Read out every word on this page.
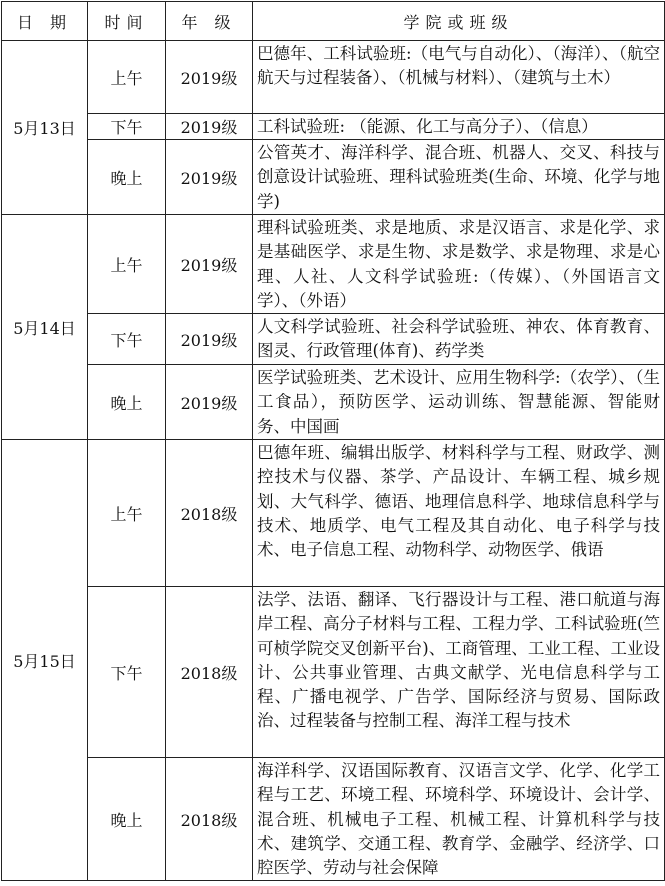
日 期	时间	年 级	学院或班级
5月13日	上午	2019级	巴德年、工科试验班:（电气与自动化）、（海洋）、（航空航天与过程装备）、（机械与材料）、（建筑与土木）
	下午	2019级	工科试验班: （能源、化工与高分子）、（信息）
	晚上	2019级	公管英才、海洋科学、混合班、机器人、交叉、科技与创意设计试验班、理科试验班类(生命、环境、化学与地学)
5月14日	上午	2019级	理科试验班类、求是地质、求是汉语言、求是化学、求是基础医学、求是生物、求是数学、求是物理、求是心理、人社、人文科学试验班:（传媒）、（外国语言文学）、（外语）
	下午	2019级	人文科学试验班、社会科学试验班、神农、体育教育、图灵、行政管理(体育)、药学类
	晚上	2019级	医学试验班类、艺术设计、应用生物科学:（农学）、（生工食品），预防医学、运动训练、智慧能源、智能财务、中国画
5月15日	上午	2018级	巴德年班、编辑出版学、材料科学与工程、财政学、测控技术与仪器、茶学、产品设计、车辆工程、城乡规划、大气科学、德语、地理信息科学、地球信息科学与技术、地质学、电气工程及其自动化、电子科学与技术、电子信息工程、动物科学、动物医学、俄语
	下午	2018级	法学、法语、翻译、飞行器设计与工程、港口航道与海岸工程、高分子材料与工程、工程力学、工科试验班(竺可桢学院交叉创新平台)、工商管理、工业工程、工业设计、公共事业管理、古典文献学、光电信息科学与工程、广播电视学、广告学、国际经济与贸易、国际政治、过程装备与控制工程、海洋工程与技术
	晚上	2018级	海洋科学、汉语国际教育、汉语言文学、化学、化学工程与工艺、环境工程、环境科学、环境设计、会计学、混合班、机械电子工程、机械工程、计算机科学与技术、建筑学、交通工程、教育学、金融学、经济学、口腔医学、劳动与社会保障
